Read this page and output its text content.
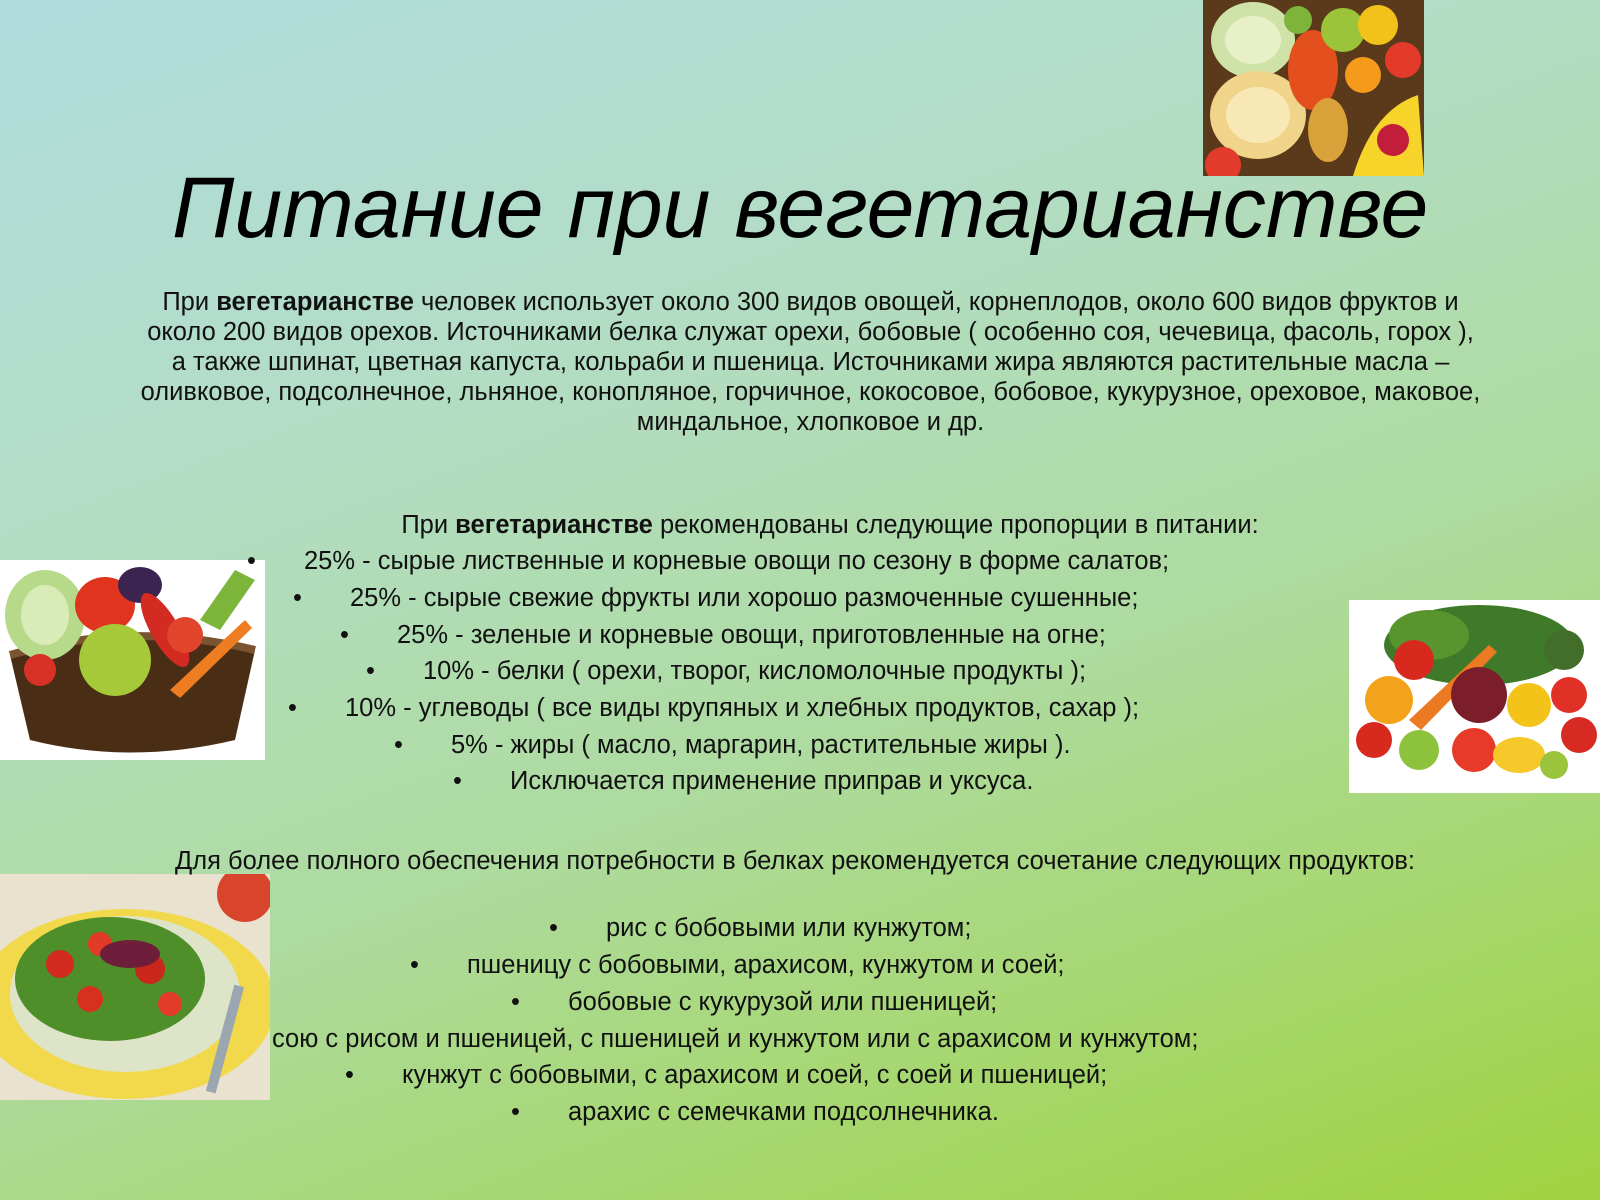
Питание при вегетарианстве

При вегетарианстве человек использует около 300 видов овощей, корнеплодов, около 600 видов фруктов и около 200 видов орехов. Источниками белка служат орехи, бобовые ( особенно соя, чечевица, фасоль, горох ), а также шпинат, цветная капуста, кольраби и пшеница. Источниками жира являются растительные масла – оливковое, подсолнечное, льняное, конопляное, горчичное, кокосовое, бобовое, кукурузное, ореховое, маковое, миндальное, хлопковое и др.

При вегетарианстве рекомендованы следующие пропорции в питании:

• 25% - сырые лиственные и корневые овощи по сезону в форме салатов;
• 25% - сырые свежие фрукты или хорошо размоченные сушенные;
• 25% - зеленые и корневые овощи, приготовленные на огне;
• 10% - белки ( орехи, творог, кисломолочные продукты );
• 10% - углеводы ( все виды крупяных и хлебных продуктов, сахар );
• 5% - жиры ( масло, маргарин, растительные жиры ).
• Исключается применение приправ и уксуса.

Для более полного обеспечения потребности в белках рекомендуется сочетание следующих продуктов:

• рис с бобовыми или кунжутом;
• пшеницу с бобовыми, арахисом, кунжутом и соей;
• бобовые с кукурузой или пшеницей;
сою с рисом и пшеницей, с пшеницей и кунжутом или с арахисом и кунжутом;
• кунжут с бобовыми, с арахисом и соей, с соей и пшеницей;
• арахис с семечками подсолнечника.
